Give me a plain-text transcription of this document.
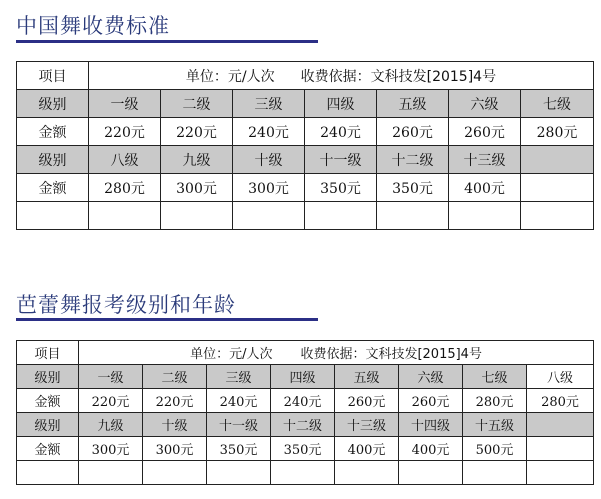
中国舞收费标准
项目	单位：元/人次 收费依据：文科技发[2015]4号						
级别	一级	二级	三级	四级	五级	六级	七级
金额	220元	220元	240元	240元	260元	260元	280元
级别	八级	九级	十级	十一级	十二级	十三级	
金额	280元	300元	300元	350元	350元	400元	

芭蕾舞报考级别和年龄
项目	单位：元/人次 收费依据：文科技发[2015]4号							
级别	一级	二级	三级	四级	五级	六级	七级	八级
金额	220元	220元	240元	240元	260元	260元	280元	280元
级别	九级	十级	十一级	十二级	十三级	十四级	十五级	
金额	300元	300元	350元	350元	400元	400元	500元	
